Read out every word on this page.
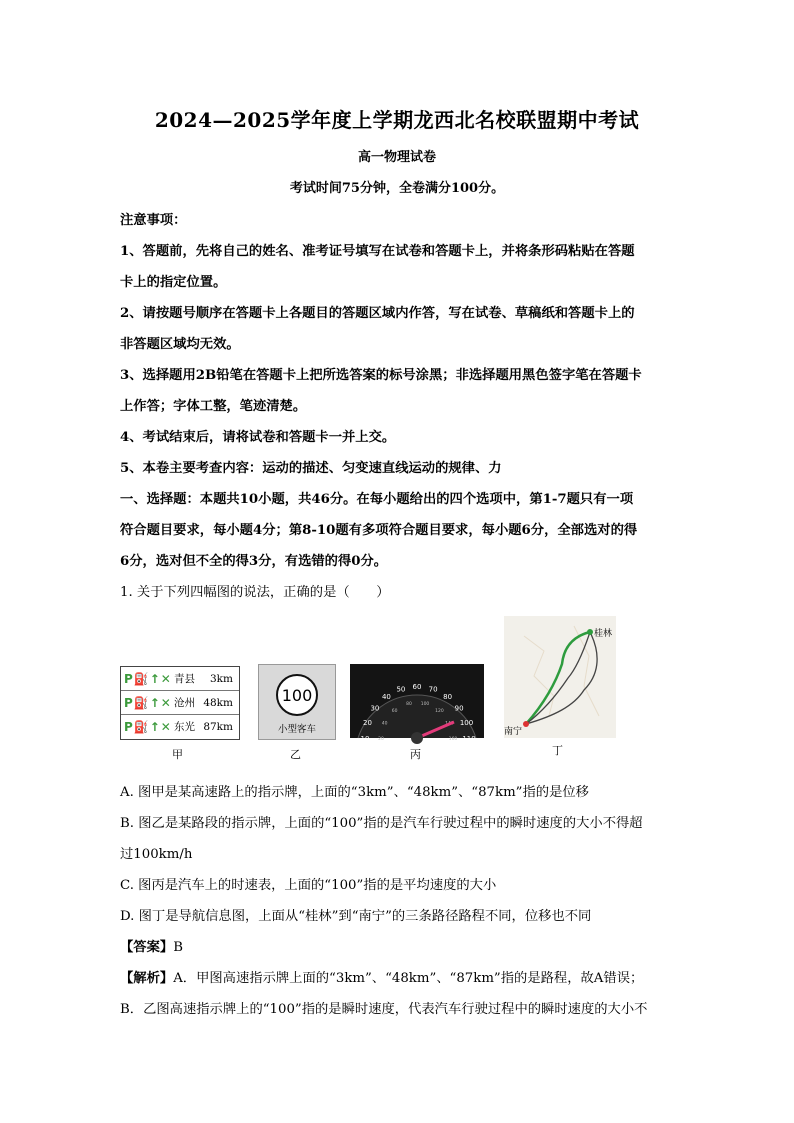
2024—2025学年度上学期龙西北名校联盟期中考试
高一物理试卷
考试时间75分钟，全卷满分100分。
注意事项：
1、答题前，先将自己的姓名、准考证号填写在试卷和答题卡上，并将条形码粘贴在答题
卡上的指定位置。
2、请按题号顺序在答题卡上各题目的答题区域内作答，写在试卷、草稿纸和答题卡上的
非答题区域均无效。
3、选择题用2B铅笔在答题卡上把所选答案的标号涂黑；非选择题用黑色签字笔在答题卡
上作答；字体工整，笔迹清楚。
4、考试结束后，请将试卷和答题卡一并上交。
5、本卷主要考查内容：运动的描述、匀变速直线运动的规律、力
一、选择题：本题共10小题，共46分。在每小题给出的四个选项中，第1-7题只有一项
符合题目要求，每小题4分；第8-10题有多项符合题目要求，每小题6分，全部选对的得
6分，选对但不全的得3分，有选错的得0分。
1. 关于下列四幅图的说法，正确的是（　　）
P⛽↑✕ 青县	3km
P⛽↑✕ 沧州 48km
P⛽↑✕ 东光 87km
甲
100
小型客车
乙
10
20
30
40
50 60 70
80
90
100
110
20
40
60
80 100
120
160
丙
桂林
南宁
丁
A. 图甲是某高速路上的指示牌，上面的“3km”、“48km”、“87km”指的是位移
B. 图乙是某路段的指示牌，上面的“100”指的是汽车行驶过程中的瞬时速度的大小不得超
过100km/h
C. 图丙是汽车上的时速表，上面的“100”指的是平均速度的大小
D. 图丁是导航信息图，上面从“桂林”到“南宁”的三条路径路程不同，位移也不同
【答案】B
【解析】A．甲图高速指示牌上面的“3km”、“48km”、“87km”指的是路程，故A错误；
B．乙图高速指示牌上的“100”指的是瞬时速度，代表汽车行驶过程中的瞬时速度的大小不
